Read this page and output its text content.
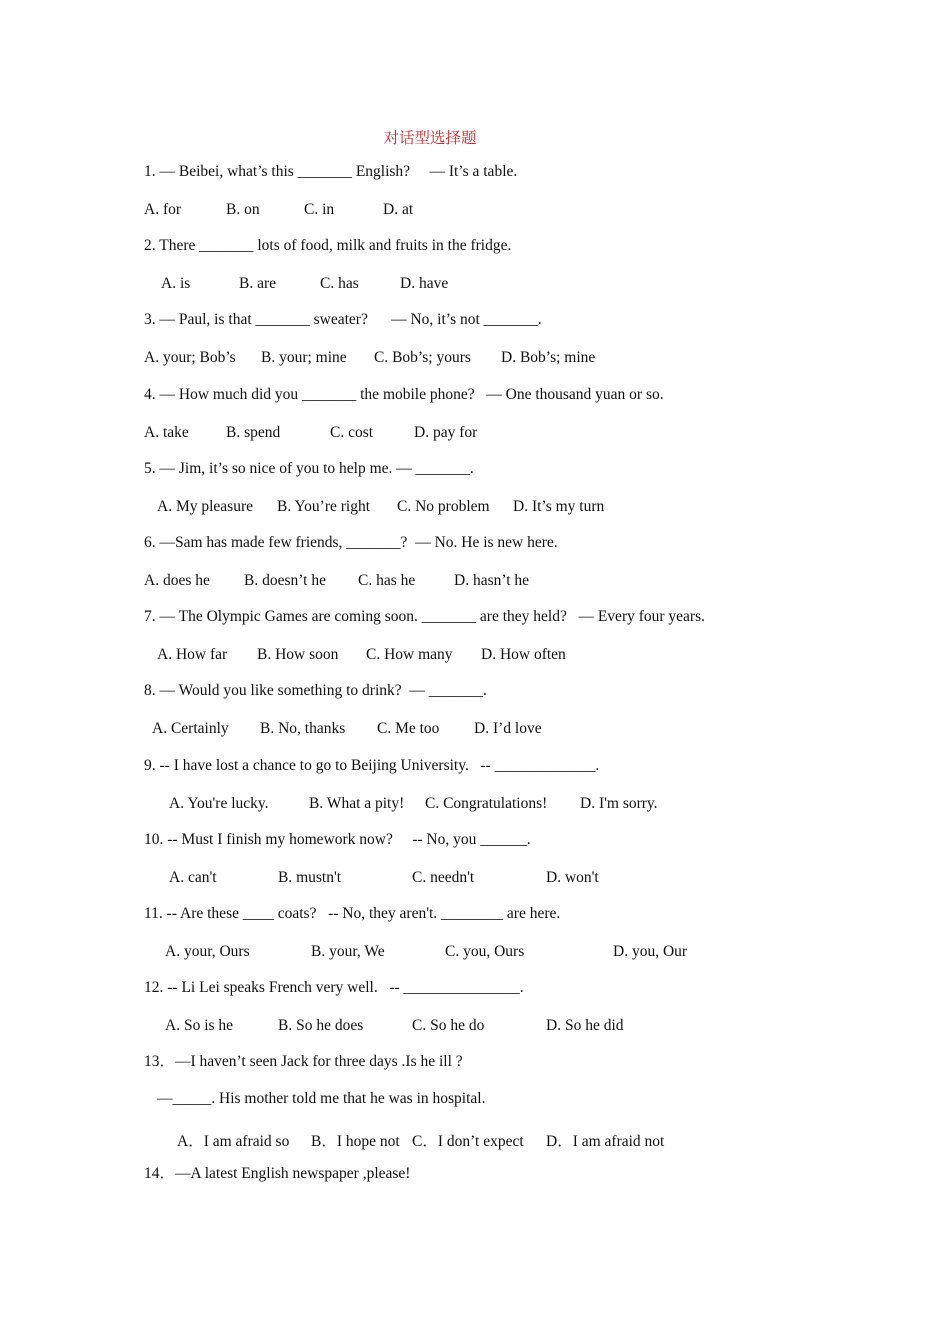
对话型选择题
1. — Beibei, what’s this _______ English?     — It’s a table.
A. for	B. on	C. in	D. at
2. There _______ lots of food, milk and fruits in the fridge.
A. is	B. are	C. has	D. have
3. — Paul, is that _______ sweater?      — No, it’s not _______.
A. your; Bob’s B. your; mine C. Bob’s; yours D. Bob’s; mine
4. — How much did you _______ the mobile phone?   — One thousand yuan or so.
A. take B. spend	C. cost	D. pay for
5. — Jim, it’s so nice of you to help me. — _______.
A. My pleasure B. You’re right C. No problem D. It’s my turn
6. —Sam has made few friends, _______?  — No. He is new here.
A. does he B. doesn’t he C. has he D. hasn’t he
7. — The Olympic Games are coming soon. _______ are they held?   — Every four years.
A. How far B. How soon C. How many D. How often
8. — Would you like something to drink?  — _______.
A. Certainly B. No, thanks C. Me too D. I’d love
9. -- I have lost a chance to go to Beijing University.   -- _____________.
A. You're lucky.	B. What a pity! C. Congratulations! D. I'm sorry.
10. -- Must I finish my homework now?     -- No, you ______.
A. can't	B. mustn't	C. needn't	D. won't
11. -- Are these ____ coats?   -- No, they aren't. ________ are here.
A. your, Ours	B. your, We	C. you, Ours	D. you, Our
12. -- Li Lei speaks French very well.   -- _______________.
A. So is he	B. So he does	C. So he do	D. So he did
13．—I haven’t seen Jack for three days .Is he ill ?
—_____. His mother told me that he was in hospital.
A．I am afraid so B．I hope not C．I don’t expect D．I am afraid not
14．—A latest English newspaper ,please!
